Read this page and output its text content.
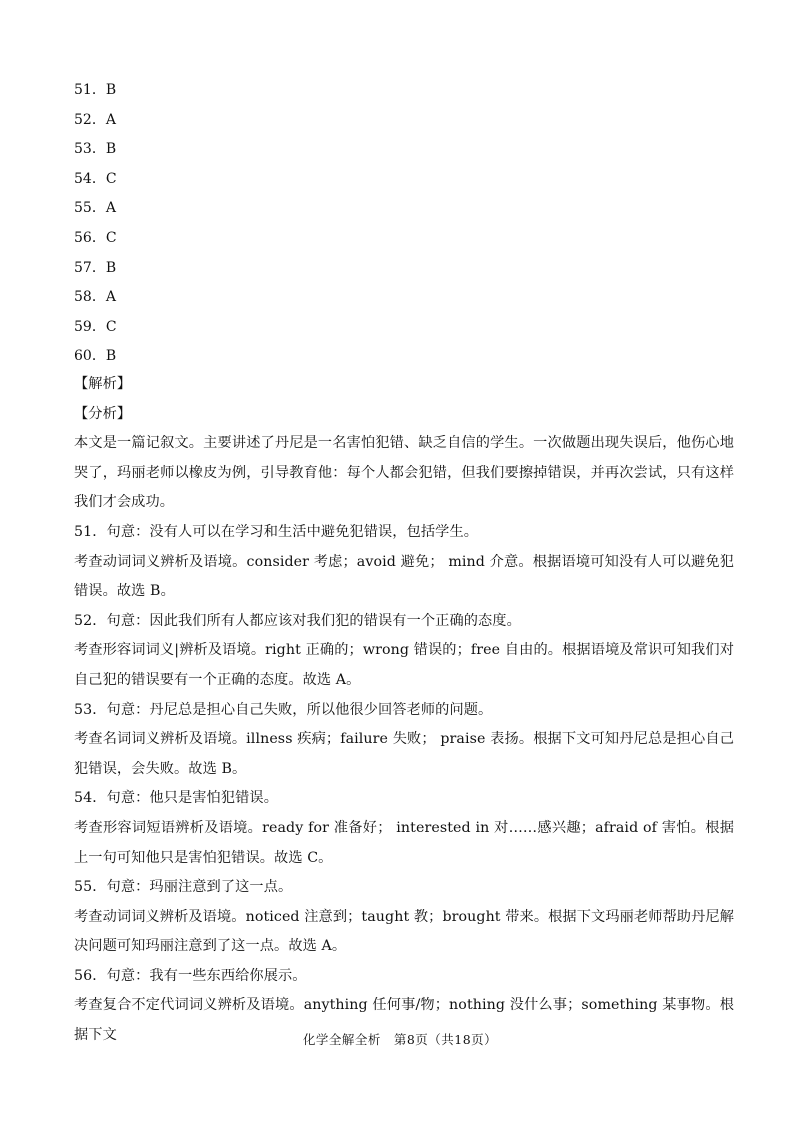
51．B
52．A
53．B
54．C
55．A
56．C
57．B
58．A
59．C
60．B

【解析】

【分析】

本文是一篇记叙文。主要讲述了丹尼是一名害怕犯错、缺乏自信的学生。一次做题出现失误后，他伤心地哭了，玛丽老师以橡皮为例，引导教育他：每个人都会犯错，但我们要擦掉错误，并再次尝试，只有这样我们才会成功。

51．句意：没有人可以在学习和生活中避免犯错误，包括学生。

考查动词词义辨析及语境。consider 考虑；avoid 避免； mind 介意。根据语境可知没有人可以避免犯错误。故选 B。

52．句意：因此我们所有人都应该对我们犯的错误有一个正确的态度。

考查形容词词义|辨析及语境。right 正确的；wrong 错误的；free 自由的。根据语境及常识可知我们对自己犯的错误要有一个正确的态度。故选 A。

53．句意：丹尼总是担心自己失败，所以他很少回答老师的问题。

考查名词词义辨析及语境。illness 疾病；failure 失败； praise 表扬。根据下文可知丹尼总是担心自己犯错误，会失败。故选 B。

54．句意：他只是害怕犯错误。

考查形容词短语辨析及语境。ready for 准备好； interested in 对……感兴趣；afraid of 害怕。根据上一句可知他只是害怕犯错误。故选 C。

55．句意：玛丽注意到了这一点。

考查动词词义辨析及语境。noticed 注意到；taught 教；brought 带来。根据下文玛丽老师帮助丹尼解决问题可知玛丽注意到了这一点。故选 A。

56．句意：我有一些东西给你展示。

考查复合不定代词词义辨析及语境。anything 任何事/物；nothing 没什么事；something 某事物。根据下文	化学全解全析　第8页（共18页）
